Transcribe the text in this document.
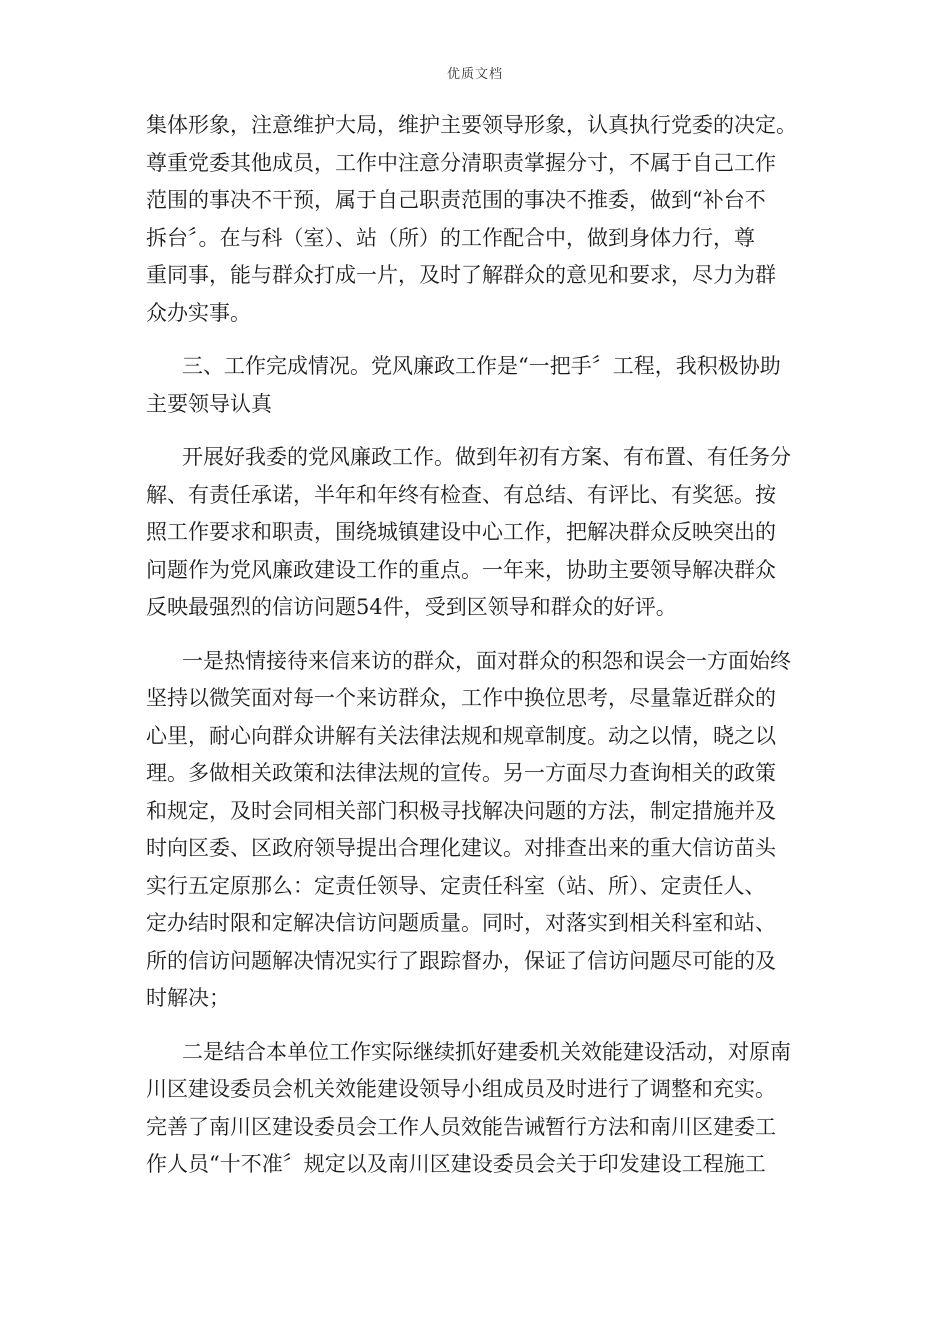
优质文档
集体形象，注意维护大局，维护主要领导形象，认真执行党委的决定。
尊重党委其他成员，工作中注意分清职责掌握分寸，不属于自己工作
范围的事决不干预，属于自己职责范围的事决不推委，做到“补台不
拆台〞。在与科（室）、站（所）的工作配合中，做到身体力行，尊
重同事，能与群众打成一片，及时了解群众的意见和要求，尽力为群
众办实事。
三、工作完成情况。党风廉政工作是“一把手〞工程，我积极协助
主要领导认真
开展好我委的党风廉政工作。做到年初有方案、有布置、有任务分
解、有责任承诺，半年和年终有检查、有总结、有评比、有奖惩。按
照工作要求和职责，围绕城镇建设中心工作，把解决群众反映突出的
问题作为党风廉政建设工作的重点。一年来，协助主要领导解决群众
反映最强烈的信访问题54件，受到区领导和群众的好评。
一是热情接待来信来访的群众，面对群众的积怨和误会一方面始终
坚持以微笑面对每一个来访群众，工作中换位思考，尽量靠近群众的
心里，耐心向群众讲解有关法律法规和规章制度。动之以情，晓之以
理。多做相关政策和法律法规的宣传。另一方面尽力查询相关的政策
和规定，及时会同相关部门积极寻找解决问题的方法，制定措施并及
时向区委、区政府领导提出合理化建议。对排查出来的重大信访苗头
实行五定原那么：定责任领导、定责任科室（站、所）、定责任人、
定办结时限和定解决信访问题质量。同时，对落实到相关科室和站、
所的信访问题解决情况实行了跟踪督办，保证了信访问题尽可能的及
时解决；
二是结合本单位工作实际继续抓好建委机关效能建设活动，对原南
川区建设委员会机关效能建设领导小组成员及时进行了调整和充实。
完善了南川区建设委员会工作人员效能告诫暂行方法和南川区建委工
作人员“十不准〞规定以及南川区建设委员会关于印发建设工程施工
